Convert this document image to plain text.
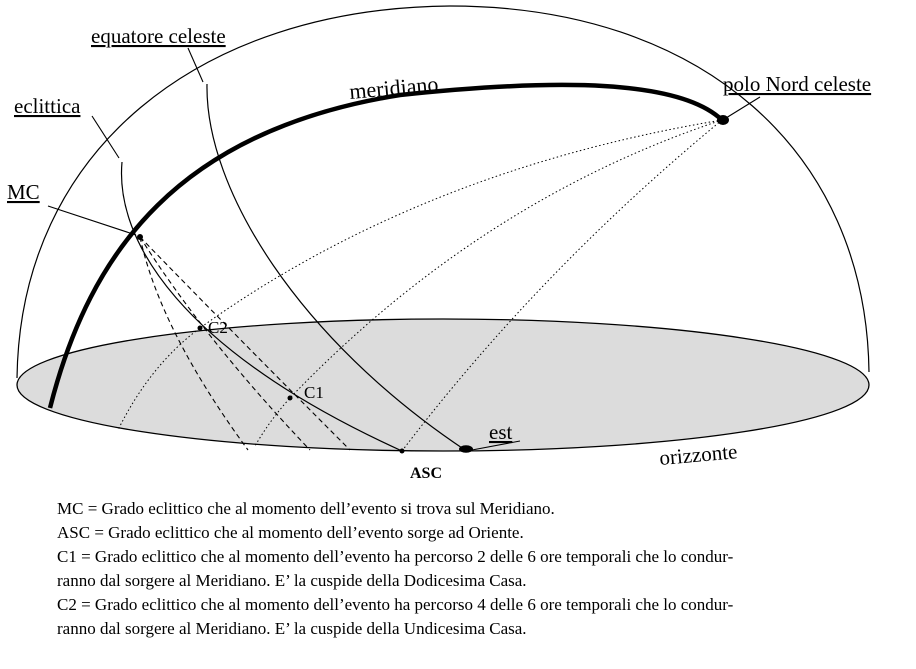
equatore celeste
eclittica
MC
meridiano	polo Nord celeste
C2
C1
est
orizzonte
ASC

MC = Grado eclittico che al momento dell’evento si trova sul Meridiano.

ASC = Grado eclittico che al momento dell’evento sorge ad Oriente.

C1 = Grado eclittico che al momento dell’evento ha percorso 2 delle 6 ore temporali che lo condur-

ranno dal sorgere al Meridiano. E’ la cuspide della Dodicesima Casa.

C2 = Grado eclittico che al momento dell’evento ha percorso 4 delle 6 ore temporali che lo condur-

ranno dal sorgere al Meridiano. E’ la cuspide della Undicesima Casa.
